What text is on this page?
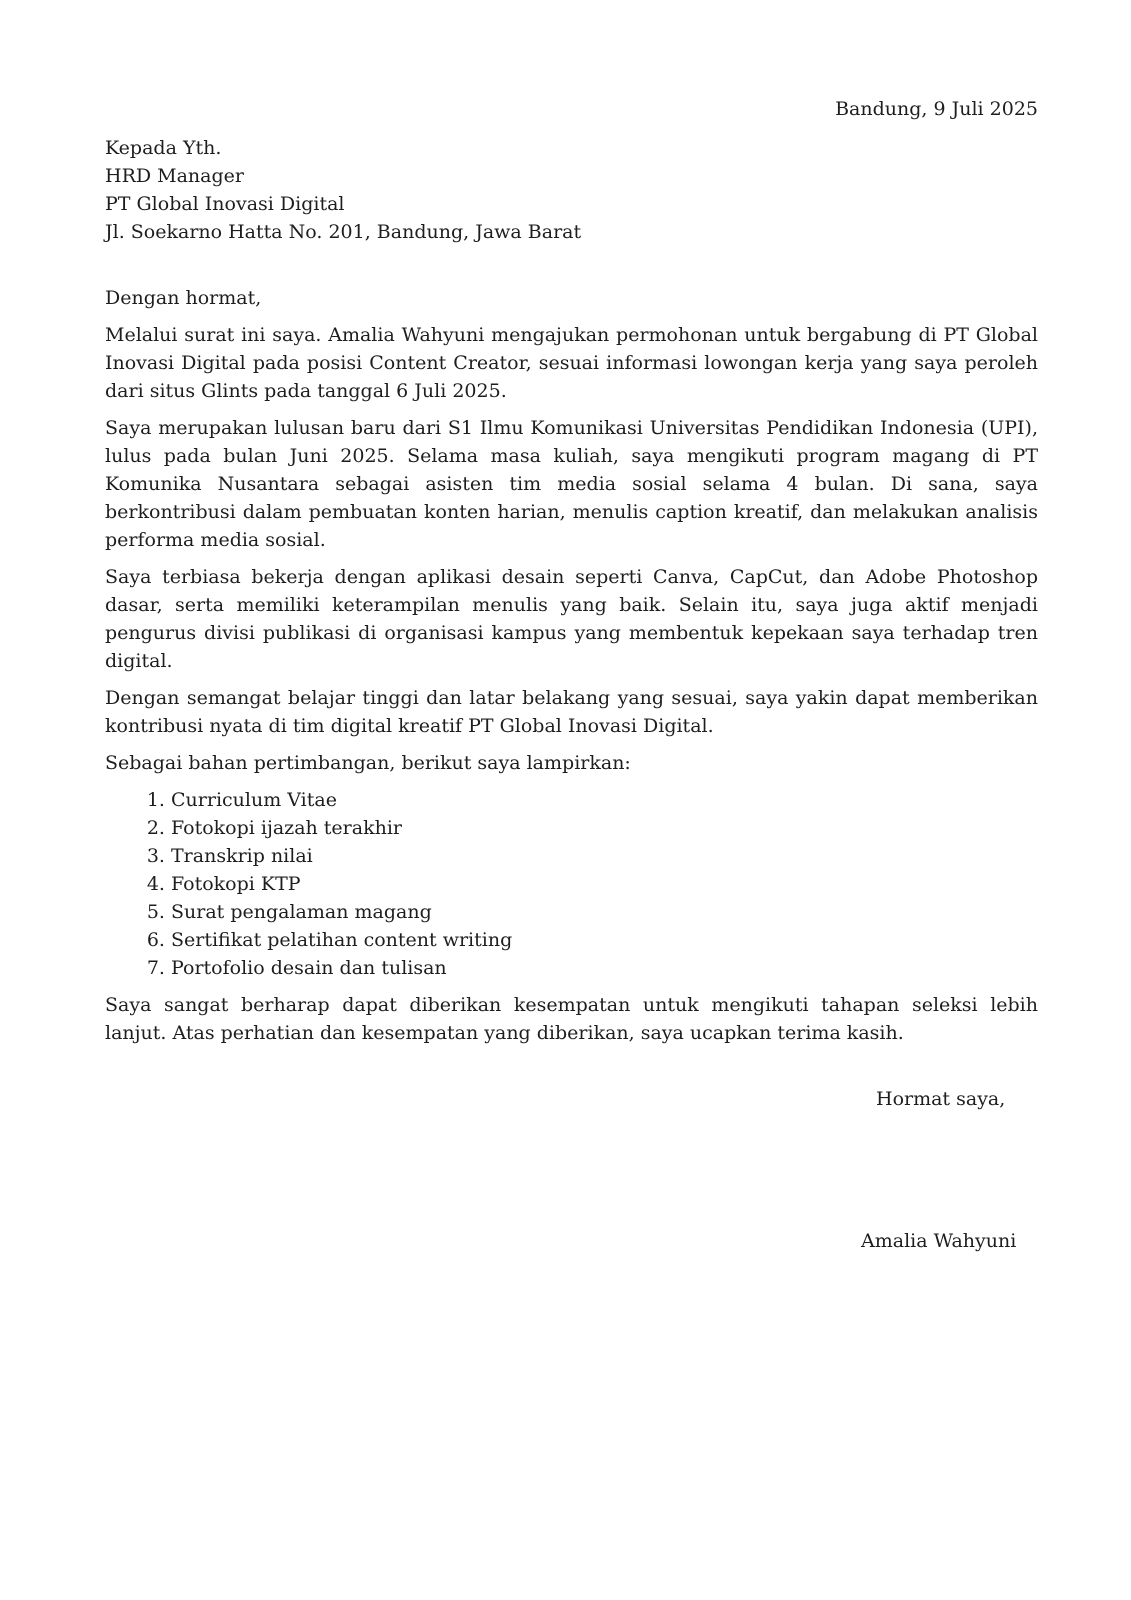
Bandung, 9 Juli 2025
Kepada Yth.
HRD Manager
PT Global Inovasi Digital
Jl. Soekarno Hatta No. 201, Bandung, Jawa Barat

Dengan hormat,

Melalui surat ini saya. Amalia Wahyuni mengajukan permohonan untuk bergabung di PT Global Inovasi Digital pada posisi Content Creator, sesuai informasi lowongan kerja yang saya peroleh dari situs Glints pada tanggal 6 Juli 2025.

Saya merupakan lulusan baru dari S1 Ilmu Komunikasi Universitas Pendidikan Indonesia (UPI), lulus pada bulan Juni 2025. Selama masa kuliah, saya mengikuti program magang di PT Komunika Nusantara sebagai asisten tim media sosial selama 4 bulan. Di sana, saya berkontribusi dalam pembuatan konten harian, menulis caption kreatif, dan melakukan analisis performa media sosial.

Saya terbiasa bekerja dengan aplikasi desain seperti Canva, CapCut, dan Adobe Photoshop dasar, serta memiliki keterampilan menulis yang baik. Selain itu, saya juga aktif menjadi pengurus divisi publikasi di organisasi kampus yang membentuk kepekaan saya terhadap tren digital.

Dengan semangat belajar tinggi dan latar belakang yang sesuai, saya yakin dapat memberikan kontribusi nyata di tim digital kreatif PT Global Inovasi Digital.

Sebagai bahan pertimbangan, berikut saya lampirkan:

1. Curriculum Vitae
2. Fotokopi ijazah terakhir
3. Transkrip nilai
4. Fotokopi KTP
5. Surat pengalaman magang
6. Sertifikat pelatihan content writing
7. Portofolio desain dan tulisan

Saya sangat berharap dapat diberikan kesempatan untuk mengikuti tahapan seleksi lebih lanjut. Atas perhatian dan kesempatan yang diberikan, saya ucapkan terima kasih.

Hormat saya,
Amalia Wahyuni
